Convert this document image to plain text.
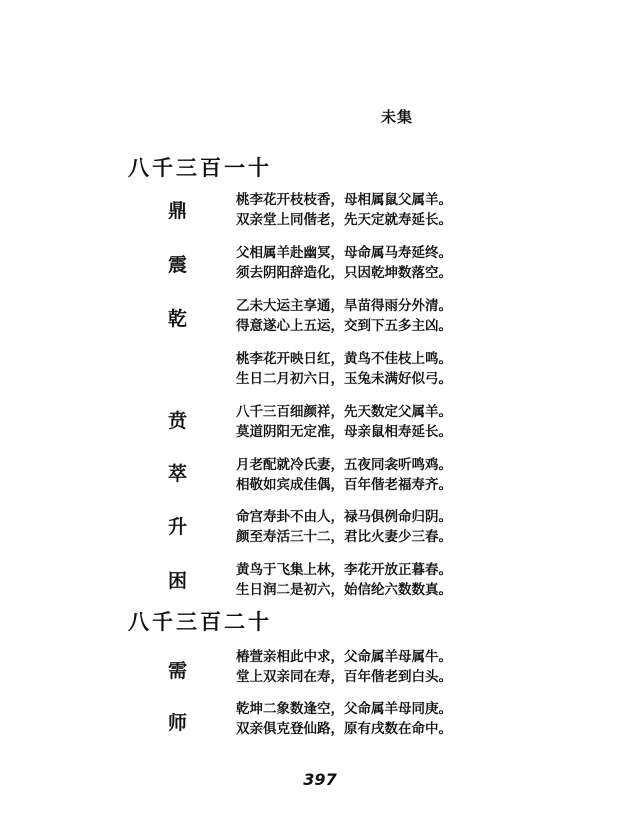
未集
八千三百一十
鼎
震
乾
贲
萃
升
困
桃李花开枝枝香，母相属鼠父属羊。
双亲堂上同偕老，先天定就寿延长。
父相属羊赴幽冥，母命属马寿延终。
须去阴阳辞造化，只因乾坤数落空。
乙未大运主享通，旱苗得雨分外清。
得意遂心上五运，交到下五多主凶。
桃李花开映日红，黄鸟不佳枝上鸣。
生日二月初六日，玉兔未满好似弓。
八千三百细颜祥，先天数定父属羊。
莫道阴阳无定准，母亲鼠相寿延长。
月老配就冷氏妻，五夜同衾听鸣鸡。
相敬如宾成佳偶，百年偕老福寿齐。
命宫寿卦不由人，禄马俱例命归阴。
颜至寿活三十二，君比火妻少三春。
黄鸟于飞集上林，李花开放正暮春。
生日润二是初六，始信纶六数数真。
八千三百二十
需
师
椿萱亲相此中求，父命属羊母属牛。
堂上双亲同在寿，百年偕老到白头。
乾坤二象数逢空，父命属羊母同庚。
双亲俱克登仙路，原有戌数在命中。
397
